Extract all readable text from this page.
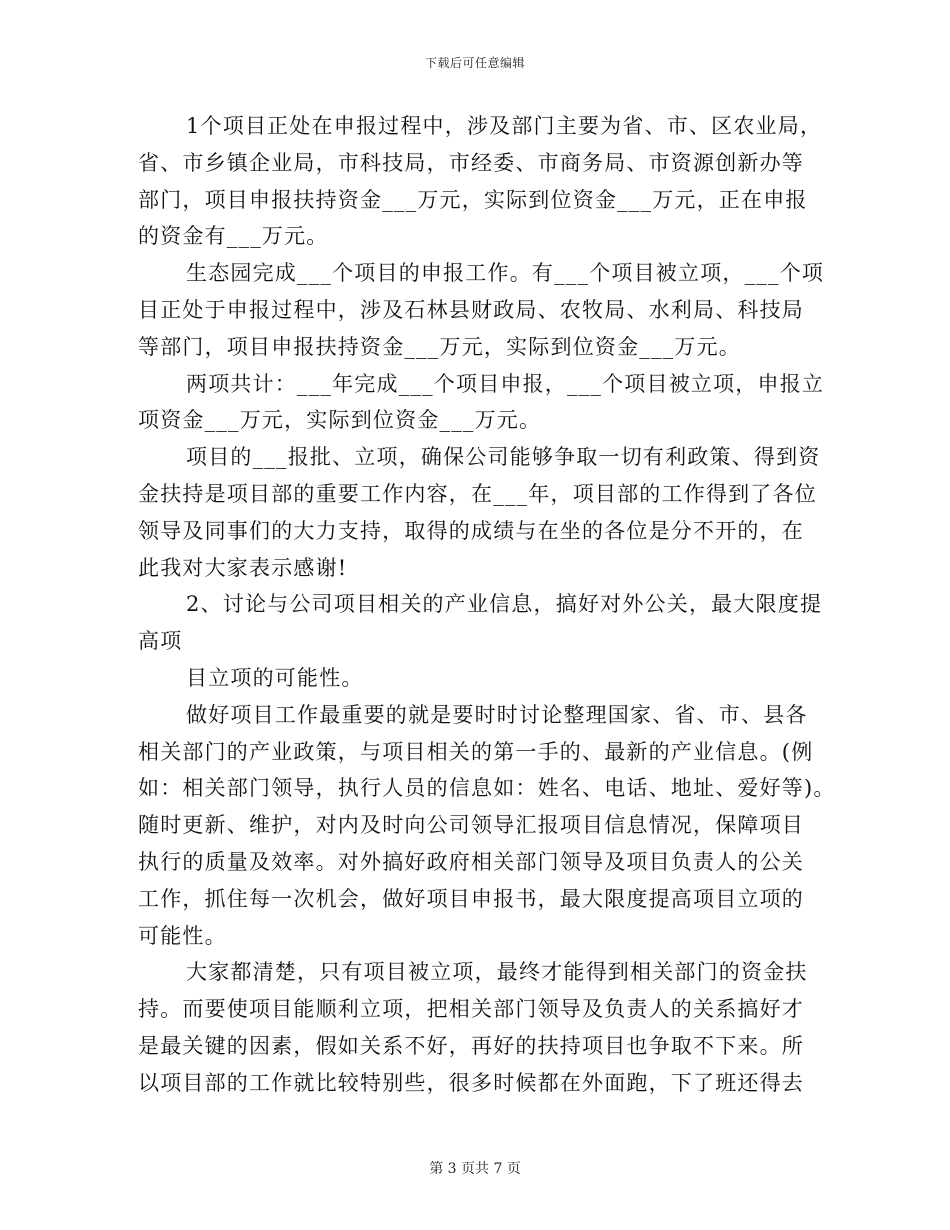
下载后可任意编辑
1个项目正处在申报过程中，涉及部门主要为省、市、区农业局，
省、市乡镇企业局，市科技局，市经委、市商务局、市资源创新办等
部门，项目申报扶持资金___万元，实际到位资金___万元，正在申报
的资金有___万元。
生态园完成___个项目的申报工作。有___个项目被立项，___个项
目正处于申报过程中，涉及石林县财政局、农牧局、水利局、科技局
等部门，项目申报扶持资金___万元，实际到位资金___万元。
两项共计：___年完成___个项目申报，___个项目被立项，申报立
项资金___万元，实际到位资金___万元。
项目的___报批、立项，确保公司能够争取一切有利政策、得到资
金扶持是项目部的重要工作内容，在___年，项目部的工作得到了各位
领导及同事们的大力支持，取得的成绩与在坐的各位是分不开的，在
此我对大家表示感谢!
2、讨论与公司项目相关的产业信息，搞好对外公关，最大限度提
高项
目立项的可能性。
做好项目工作最重要的就是要时时讨论整理国家、省、市、县各
相关部门的产业政策，与项目相关的第一手的、最新的产业信息。(例
如：相关部门领导，执行人员的信息如：姓名、电话、地址、爱好等)。
随时更新、维护，对内及时向公司领导汇报项目信息情况，保障项目
执行的质量及效率。对外搞好政府相关部门领导及项目负责人的公关
工作，抓住每一次机会，做好项目申报书，最大限度提高项目立项的
可能性。
大家都清楚，只有项目被立项，最终才能得到相关部门的资金扶
持。而要使项目能顺利立项，把相关部门领导及负责人的关系搞好才
是最关键的因素，假如关系不好，再好的扶持项目也争取不下来。所
以项目部的工作就比较特别些，很多时候都在外面跑，下了班还得去
第 3 页共 7 页
